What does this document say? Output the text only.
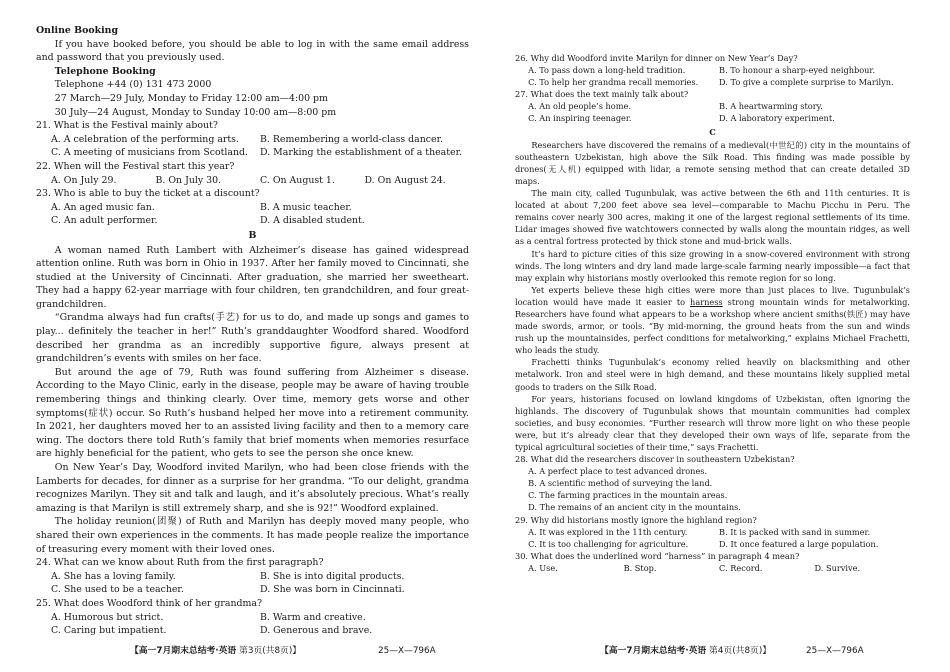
Online Booking

If you have booked before, you should be able to log in with the same email address and password that you previously used.

Telephone Booking

Telephone +44 (0) 131 473 2000

27 March—29 July, Monday to Friday 12:00 am—4:00 pm

30 July—24 August, Monday to Sunday 10:00 am—8:00 pm

21. What is the Festival mainly about?

A. A celebration of the performing arts.	B. Remembering a world-class dancer.
C. A meeting of musicians from Scotland.	D. Marking the establishment of a theater.

22. When will the Festival start this year?

A. On July 29.	B. On July 30.	C. On August 1.	D. On August 24.

23. Who is able to buy the ticket at a discount?

A. An aged music fan.	B. A music teacher.
C. An adult performer.	D. A disabled student.

B

A woman named Ruth Lambert with Alzheimer’s disease has gained widespread attention online. Ruth was born in Ohio in 1937. After her family moved to Cincinnati, she studied at the University of Cincinnati. After graduation, she married her sweetheart. They had a happy 62-year marriage with four children, ten grandchildren, and four great-grandchildren.

“Grandma always had fun crafts(手艺) for us to do, and made up songs and games to play... definitely the teacher in her!” Ruth’s granddaughter Woodford shared. Woodford described her grandma as an incredibly supportive figure, always present at grandchildren’s events with smiles on her face.

But around the age of 79, Ruth was found suffering from Alzheimer s disease. According to the Mayo Clinic, early in the disease, people may be aware of having trouble remembering things and thinking clearly. Over time, memory gets worse and other symptoms(症状) occur. So Ruth’s husband helped her move into a retirement community. In 2021, her daughters moved her to an assisted living facility and then to a memory care wing. The doctors there told Ruth’s family that brief moments when memories resurface are highly beneficial for the patient, who gets to see the person she once knew.

On New Year’s Day, Woodford invited Marilyn, who had been close friends with the Lamberts for decades, for dinner as a surprise for her grandma. “To our delight, grandma recognizes Marilyn. They sit and talk and laugh, and it’s absolutely precious. What’s really amazing is that Marilyn is still extremely sharp, and she is 92!” Woodford explained.

The holiday reunion(团聚) of Ruth and Marilyn has deeply moved many people, who shared their own experiences in the comments. It has made people realize the importance of treasuring every moment with their loved ones.

24. What can we know about Ruth from the first paragraph?

A. She has a loving family.	B. She is into digital products.
C. She used to be a teacher.	D. She was born in Cincinnati.

25. What does Woodford think of her grandma?

A. Humorous but strict.	B. Warm and creative.
C. Caring but impatient.	D. Generous and brave.
【高一7月期末总结考·英语 第3页(共8页)】	25—X—796A

26. Why did Woodford invite Marilyn for dinner on New Year’s Day?

A. To pass down a long-held tradition.	B. To honour a sharp-eyed neighbour.
C. To help her grandma recall memories.	D. To give a complete surprise to Marilyn.

27. What does the text mainly talk about?

A. An old people’s home.	B. A heartwarming story.
C. An inspiring teenager.	D. A laboratory experiment.

C

Researchers have discovered the remains of a medieval(中世纪的) city in the mountains of southeastern Uzbekistan, high above the Silk Road. This finding was made possible by drones(无人机) equipped with lidar, a remote sensing method that can create detailed 3D maps.

The main city, called Tugunbulak, was active between the 6th and 11th centuries. It is located at about 7,200 feet above sea level—comparable to Machu Picchu in Peru. The remains cover nearly 300 acres, making it one of the largest regional settlements of its time. Lidar images showed five watchtowers connected by walls along the mountain ridges, as well as a central fortress protected by thick stone and mud-brick walls.

It’s hard to picture cities of this size growing in a snow-covered environment with strong winds. The long winters and dry land made large-scale farming nearly impossible—a fact that may explain why historians mostly overlooked this remote region for so long.

Yet experts believe these high cities were more than just places to live. Tugunbulak’s location would have made it easier to harness strong mountain winds for metalworking. Researchers have found what appears to be a workshop where ancient smiths(铁匠) may have made swords, armor, or tools. “By mid-morning, the ground heats from the sun and winds rush up the mountainsides, perfect conditions for metalworking,” explains Michael Frachetti, who leads the study.

Frachetti thinks Tugunbulak’s economy relied heavily on blacksmithing and other metalwork. Iron and steel were in high demand, and these mountains likely supplied metal goods to traders on the Silk Road.

For years, historians focused on lowland kingdoms of Uzbekistan, often ignoring the highlands. The discovery of Tugunbulak shows that mountain communities had complex societies, and busy economies. “Further research will throw more light on who these people were, but it’s already clear that they developed their own ways of life, separate from the typical agricultural societies of their time,” says Frachetti.

28. What did the researchers discover in southeastern Uzbekistan?

A. A perfect place to test advanced drones.
B. A scientific method of surveying the land.
C. The farming practices in the mountain areas.
D. The remains of an ancient city in the mountains.

29. Why did historians mostly ignore the highland region?

A. It was explored in the 11th century.	B. It is packed with sand in summer.
C. It is too challenging for agriculture.	D. It once featured a large population.

30. What does the underlined word “harness” in paragraph 4 mean?

A. Use.	B. Stop.	C. Record.	D. Survive.
【高一7月期末总结考·英语 第4页(共8页)】	25—X—796A
